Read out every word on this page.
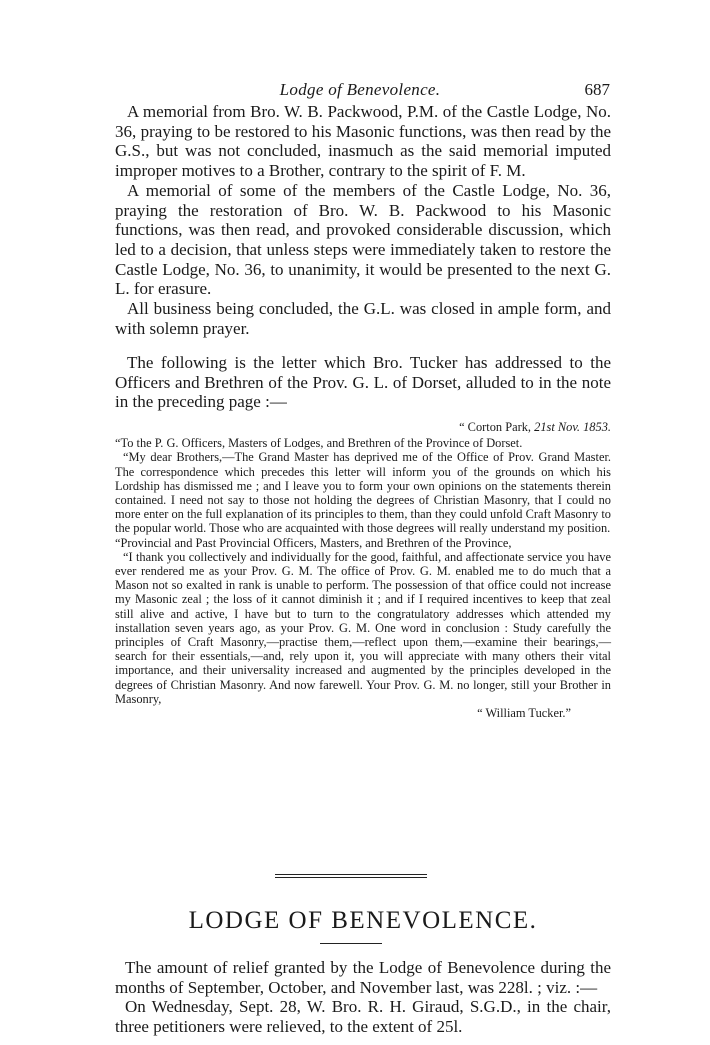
Lodge of Benevolence.	687

A memorial from Bro. W. B. Packwood, P.M. of the Castle Lodge, No. 36, praying to be restored to his Masonic functions, was then read by the G.S., but was not concluded, inasmuch as the said memorial imputed improper motives to a Brother, contrary to the spirit of F. M.

A memorial of some of the members of the Castle Lodge, No. 36, praying the restoration of Bro. W. B. Packwood to his Masonic functions, was then read, and provoked considerable discussion, which led to a decision, that unless steps were immediately taken to restore the Castle Lodge, No. 36, to unanimity, it would be presented to the next G. L. for erasure.

All business being concluded, the G.L. was closed in ample form, and with solemn prayer.

The following is the letter which Bro. Tucker has addressed to the Officers and Brethren of the Prov. G. L. of Dorset, alluded to in the note in the preceding page :—

“ Corton Park, 21st Nov. 1853.

“To the P. G. Officers, Masters of Lodges, and Brethren of the Province of Dorset.

“My dear Brothers,—The Grand Master has deprived me of the Office of Prov. Grand Master. The correspondence which precedes this letter will inform you of the grounds on which his Lordship has dismissed me ; and I leave you to form your own opinions on the statements therein contained. I need not say to those not holding the degrees of Christian Masonry, that I could no more enter on the full explanation of its principles to them, than they could unfold Craft Masonry to the popular world. Those who are acquainted with those degrees will really understand my position.

“Provincial and Past Provincial Officers, Masters, and Brethren of the Province,

“I thank you collectively and individually for the good, faithful, and affectionate service you have ever rendered me as your Prov. G. M. The office of Prov. G. M. enabled me to do much that a Mason not so exalted in rank is unable to perform. The possession of that office could not increase my Masonic zeal ; the loss of it cannot diminish it ; and if I required incentives to keep that zeal still alive and active, I have but to turn to the congratulatory addresses which attended my installation seven years ago, as your Prov. G. M. One word in conclusion : Study carefully the principles of Craft Masonry,—practise them,—reflect upon them,—examine their bearings,—search for their essentials,—and, rely upon it, you will appreciate with many others their vital importance, and their universality increased and augmented by the principles developed in the degrees of Christian Masonry. And now farewell. Your Prov. G. M. no longer, still your Brother in Masonry,

“ William Tucker.”

LODGE OF BENEVOLENCE.

The amount of relief granted by the Lodge of Benevolence during the months of September, October, and November last, was 228l. ; viz. :—

On Wednesday, Sept. 28, W. Bro. R. H. Giraud, S.G.D., in the chair, three petitioners were relieved, to the extent of 25l.
